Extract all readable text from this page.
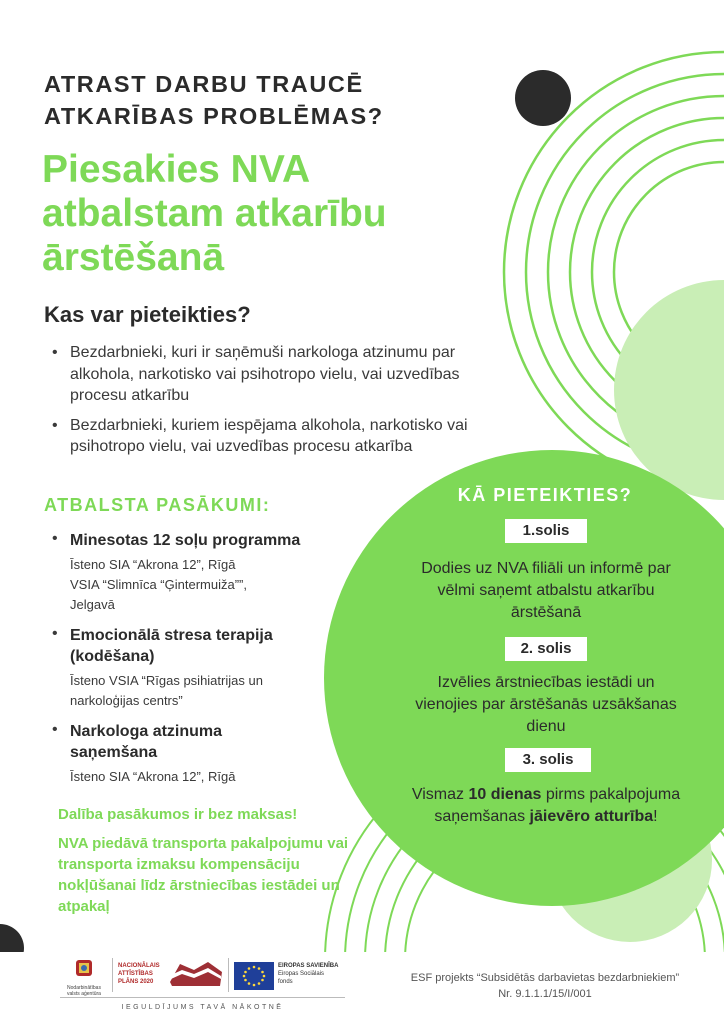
ATRAST DARBU TRAUCĒ
ATKARĪBAS PROBLĒMAS?
Piesakies NVA
atbalstam atkarību
ārstēšanā
Kas var pieteikties?
• Bezdarbnieki, kuri ir saņēmuši narkologa atzinumu par alkohola, narkotisko vai psihotropo vielu, vai uzvedības procesu atkarību
• Bezdarbnieki, kuriem iespējama alkohola, narkotisko vai psihotropo vielu, vai uzvedības procesu atkarība
ATBALSTA PASĀKUMI:
• Minesotas 12 soļu programma
Īsteno SIA “Akrona 12”, Rīgā
VSIA “Slimnīca “Ģintermuiža””,
Jelgavā
• Emocionālā stresa terapija
(kodēšana)
Īsteno VSIA “Rīgas psihiatrijas un
narkoloģijas centrs”
• Narkologa atzinuma
saņemšana
Īsteno SIA “Akrona 12”, Rīgā
Dalība pasākumos ir bez maksas!
NVA piedāvā transporta pakalpojumu vai transporta izmaksu kompensāciju nokļūšanai līdz ārstniecības iestādei un atpakaļ
KĀ PIETEIKTIES?
1.solis
Dodies uz NVA filiāli un informē par vēlmi saņemt atbalstu atkarību ārstēšanā
2. solis
Izvēlies ārstniecības iestādi un vienojies par ārstēšanās uzsākšanas dienu
3. solis
Vismaz 10 dienas pirms pakalpojuma saņemšanas jāievēro atturība!
Nodarbinātības valsts aģentūra
NACIONĀLAIS
ATTĪSTĪBAS
PLĀNS 2020
EIROPAS SAVIENĪBA
Eiropas Sociālais
fonds
IEGULDĪJUMS TAVĀ NĀKOTNĒ
ESF projekts “Subsidētās darbavietas bezdarbniekiem”
Nr. 9.1.1.1/15/I/001
